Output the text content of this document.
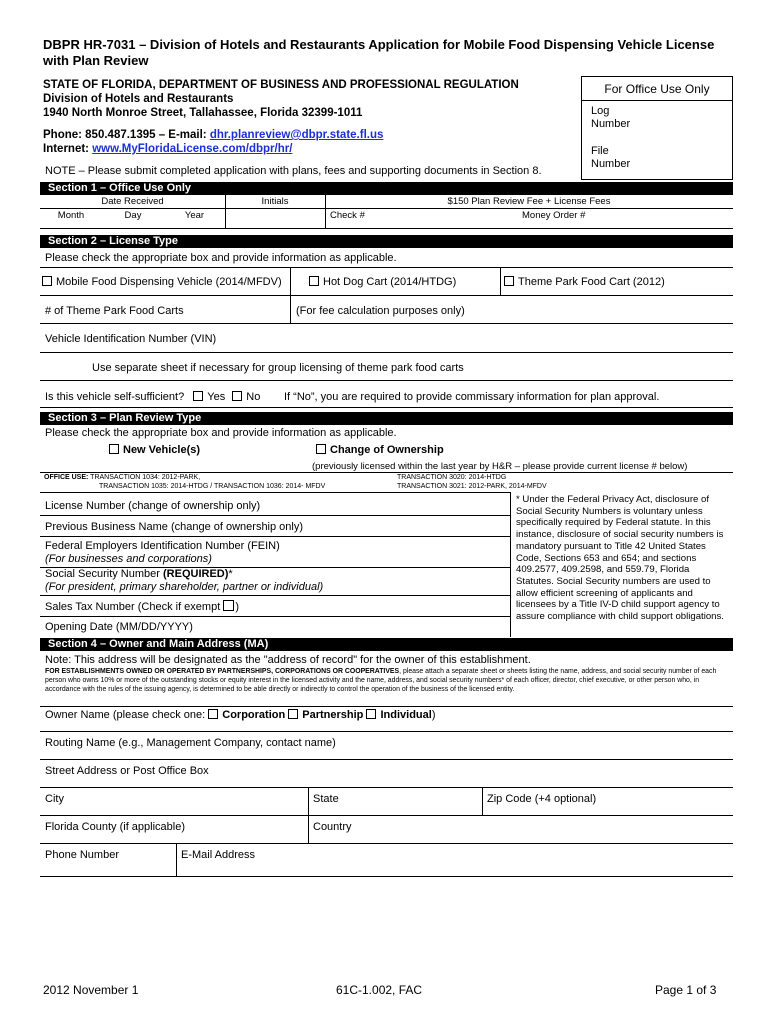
DBPR HR-7031 – Division of Hotels and Restaurants Application for Mobile Food Dispensing Vehicle License with Plan Review
STATE OF FLORIDA, DEPARTMENT OF BUSINESS AND PROFESSIONAL REGULATION
Division of Hotels and Restaurants
1940 North Monroe Street, Tallahassee, Florida 32399-1011
Phone: 850.487.1395 – E-mail: dhr.planreview@dbpr.state.fl.us
Internet: www.MyFloridaLicense.com/dbpr/hr/
NOTE – Please submit completed application with plans, fees and supporting documents in Section 8.
For Office Use Only
Log
Number
File
Number
Section 1 – Office Use Only
Date Received	Initials	$150 Plan Review Fee + License Fees
Month	Day	Year	Check #	Money Order #
Section 2 – License Type
Please check the appropriate box and provide information as applicable.
Mobile Food Dispensing Vehicle (2014/MFDV)	Hot Dog Cart (2014/HTDG)	Theme Park Food Cart (2012)
# of Theme Park Food Carts	(For fee calculation purposes only)
Vehicle Identification Number (VIN)
Use separate sheet if necessary for group licensing of theme park food carts
Is this vehicle self-sufficient? Yes No If “No”, you are required to provide commissary information for plan approval.
Section 3 – Plan Review Type
Please check the appropriate box and provide information as applicable.
New Vehicle(s)	Change of Ownership
(previously licensed within the last year by H&R – please provide current license # below)
OFFICE USE: TRANSACTION 1034: 2012-PARK,
TRANSACTION 1035: 2014-HTDG / TRANSACTION 1036: 2014- MFDV
TRANSACTION 3020: 2014-HTDG
TRANSACTION 3021: 2012-PARK, 2014-MFDV
License Number (change of ownership only)
Previous Business Name (change of ownership only)
Federal Employers Identification Number (FEIN)
(For businesses and corporations)
Social Security Number (REQUIRED)*
(For president, primary shareholder, partner or individual)
Sales Tax Number (Check if exempt )
Opening Date (MM/DD/YYYY)
* Under the Federal Privacy Act, disclosure of Social Security Numbers is voluntary unless specifically required by Federal statute. In this instance, disclosure of social security numbers is mandatory pursuant to Title 42 United States Code, Sections 653 and 654; and sections 409.2577, 409.2598, and 559.79, Florida Statutes. Social Security numbers are used to allow efficient screening of applicants and licensees by a Title IV-D child support agency to assure compliance with child support obligations.
Section 4 – Owner and Main Address (MA)
Note: This address will be designated as the "address of record" for the owner of this establishment.
FOR ESTABLISHMENTS OWNED OR OPERATED BY PARTNERSHIPS, CORPORATIONS OR COOPERATIVES, please attach a separate sheet or sheets listing the name, address, and social security number of each person who owns 10% or more of the outstanding stocks or equity interest in the licensed activity and the name, address, and social security numbers* of each officer, director, chief executive, or other person who, in accordance with the rules of the issuing agency, is determined to be able directly or indirectly to control the operation of the business of the licensed entity.
Owner Name (please check one: Corporation Partnership Individual)
Routing Name (e.g., Management Company, contact name)
Street Address or Post Office Box
City	State	Zip Code (+4 optional)
Florida County (if applicable)	Country
Phone Number	E-Mail Address
2012 November 1	61C-1.002, FAC	Page 1 of 3
